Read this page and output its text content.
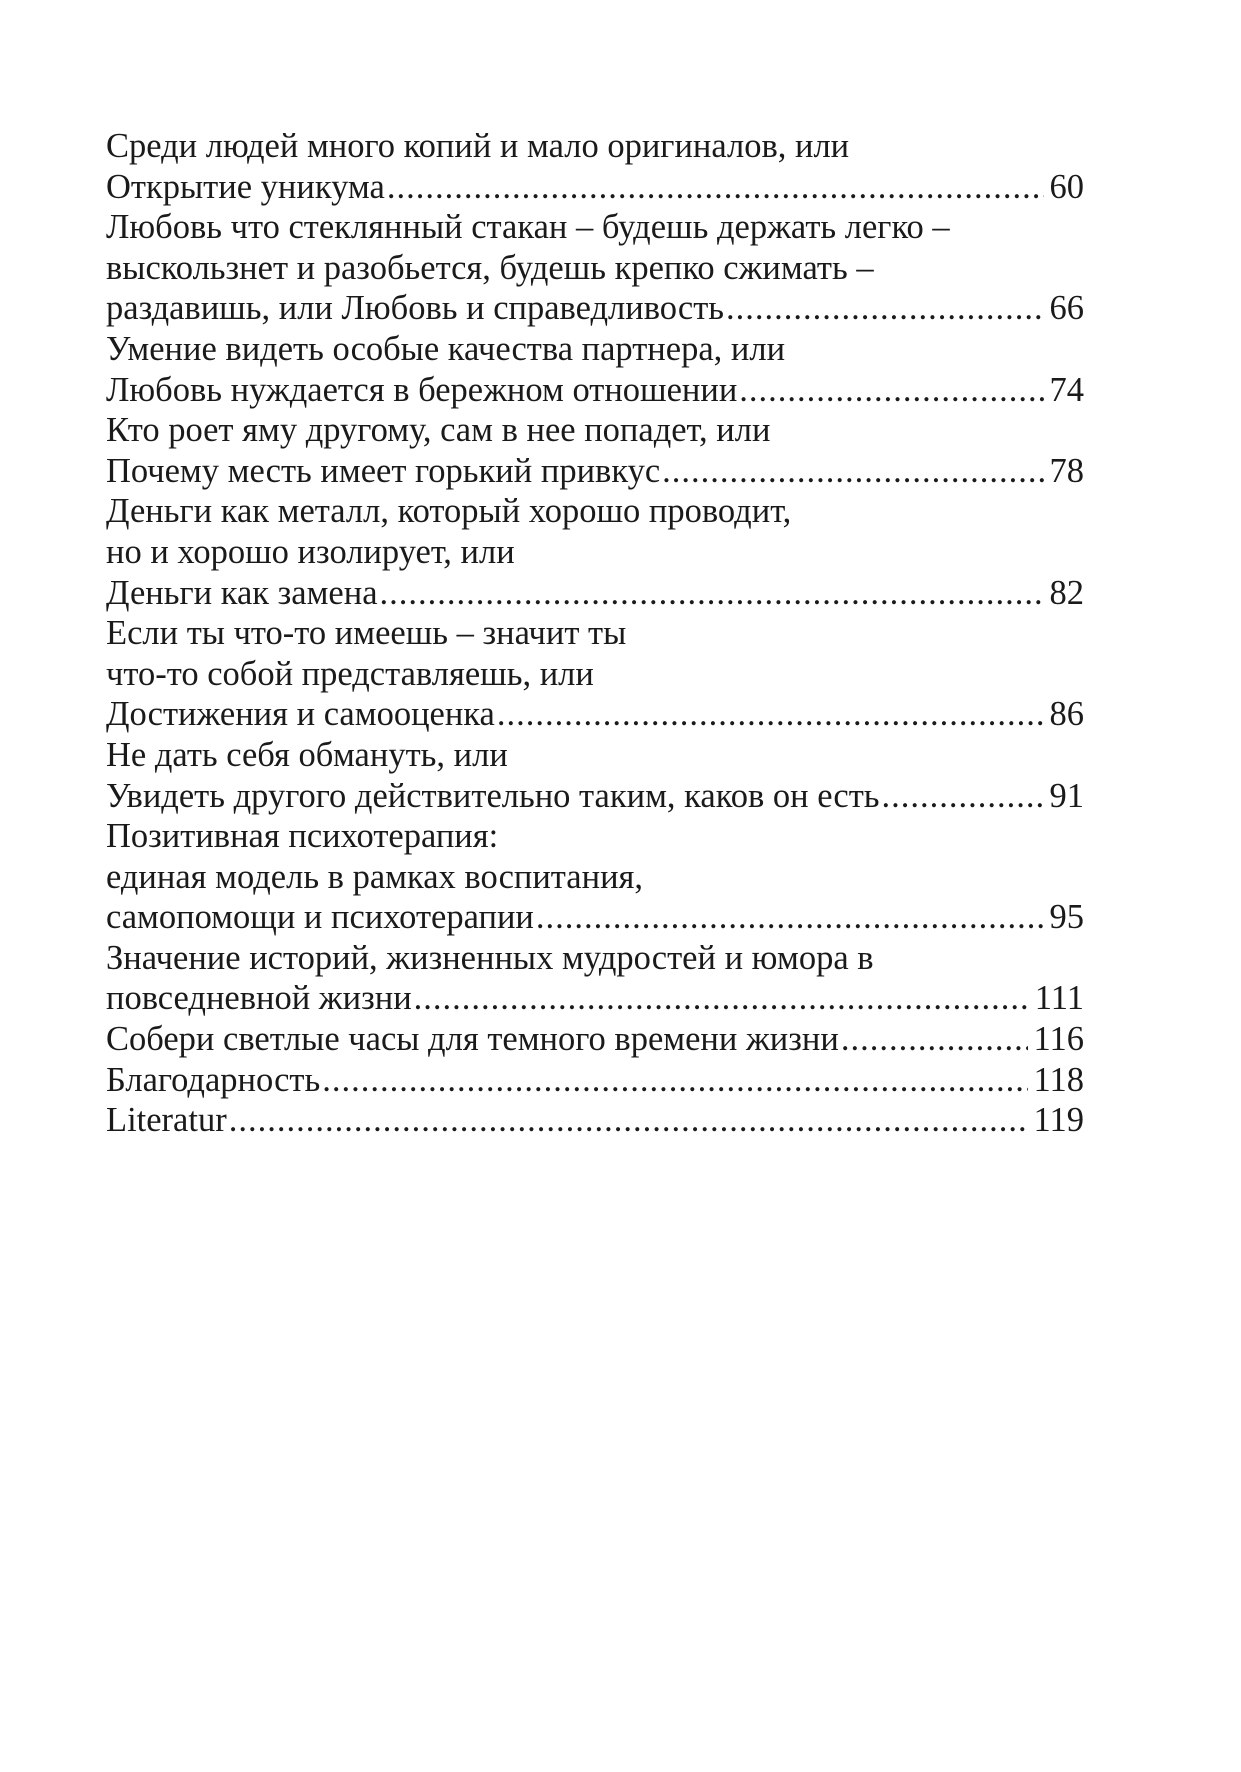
Среди людей много копий и мало оригиналов, или
Открытие уникума .....	60
Любовь что стеклянный стакан – будешь держать легко –
выскользнет и разобьется, будешь крепко сжимать –
раздавишь, или Любовь и справедливость .....	66
Умение видеть особые качества партнера, или
Любовь нуждается в бережном отношении .....	74
Кто роет яму другому, сам в нее попадет, или
Почему месть имеет горький привкус .....	78
Деньги как металл, который хорошо проводит,
но и хорошо изолирует, или
Деньги как замена .....	82
Если ты что-то имеешь – значит ты
что-то собой представляешь, или
Достижения и самооценка .....	86
Не дать себя обмануть, или
Увидеть другого действительно таким, каков он есть .....	91
Позитивная психотерапия:
единая модель в рамках воспитания,
самопомощи и психотерапии .....	95
Значение историй, жизненных мудростей и юмора в
повседневной жизни .....	111
Собери светлые часы для темного времени жизни .....	116
Благодарность .....	118
Literatur .....	119
